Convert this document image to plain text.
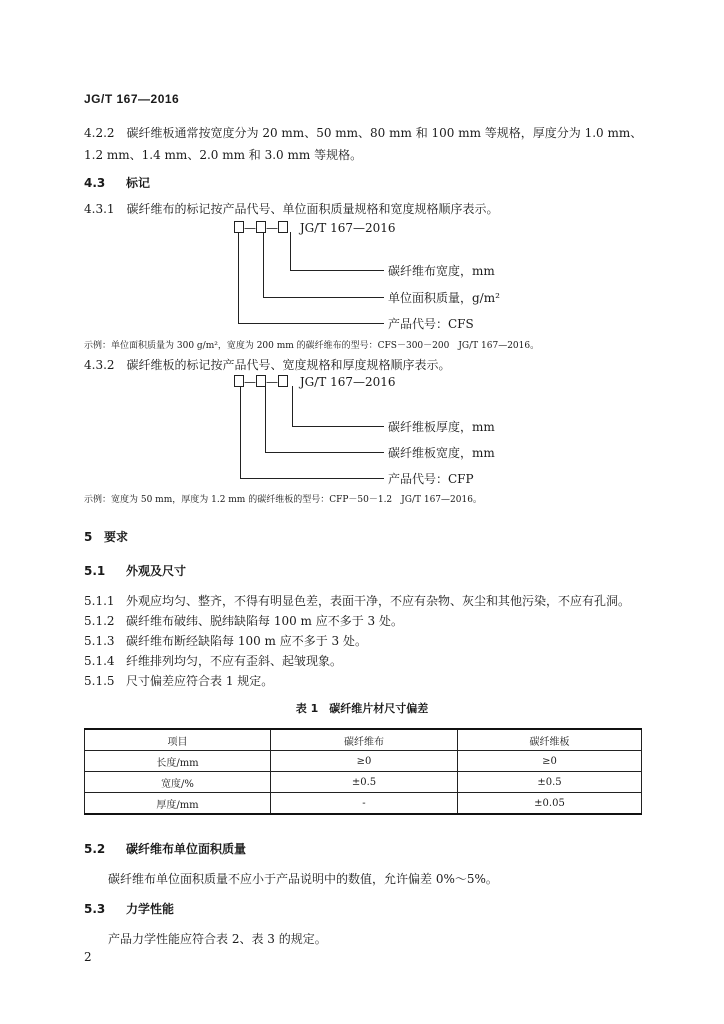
JG/T 167—2016
4.2.2　碳纤维板通常按宽度分为 20 mm、50 mm、80 mm 和 100 mm 等规格，厚度分为 1.0 mm、
1.2 mm、1.4 mm、2.0 mm 和 3.0 mm 等规格。
4.3 标记
4.3.1　碳纤维布的标记按产品代号、单位面积质量规格和宽度规格顺序表示。
— — JG/T 167—2016
碳纤维布宽度，mm
单位面积质量，g/m²
产品代号：CFS
示例：单位面积质量为 300 g/m²，宽度为 200 mm 的碳纤维布的型号：CFS－300－200　JG/T 167—2016。
4.3.2　碳纤维板的标记按产品代号、宽度规格和厚度规格顺序表示。
— — JG/T 167—2016
碳纤维板厚度，mm
碳纤维板宽度，mm
产品代号：CFP
示例：宽度为 50 mm，厚度为 1.2 mm 的碳纤维板的型号：CFP－50－1.2　JG/T 167—2016。
5 要求
5.1 外观及尺寸
5.1.1 外观应均匀、整齐，不得有明显色差，表面干净，不应有杂物、灰尘和其他污染，不应有孔洞。
5.1.2 碳纤维布破纬、脱纬缺陷每 100 m 应不多于 3 处。
5.1.3 碳纤维布断经缺陷每 100 m 应不多于 3 处。
5.1.4 纤维排列均匀，不应有歪斜、起皱现象。
5.1.5 尺寸偏差应符合表 1 规定。
表 1　碳纤维片材尺寸偏差
项目	碳纤维布	碳纤维板
长度/mm	≥0	≥0
宽度/%	±0.5	±0.5
厚度/mm	-	±0.05
5.2 碳纤维布单位面积质量
碳纤维布单位面积质量不应小于产品说明中的数值，允许偏差 0%～5%。
5.3 力学性能
产品力学性能应符合表 2、表 3 的规定。
2
